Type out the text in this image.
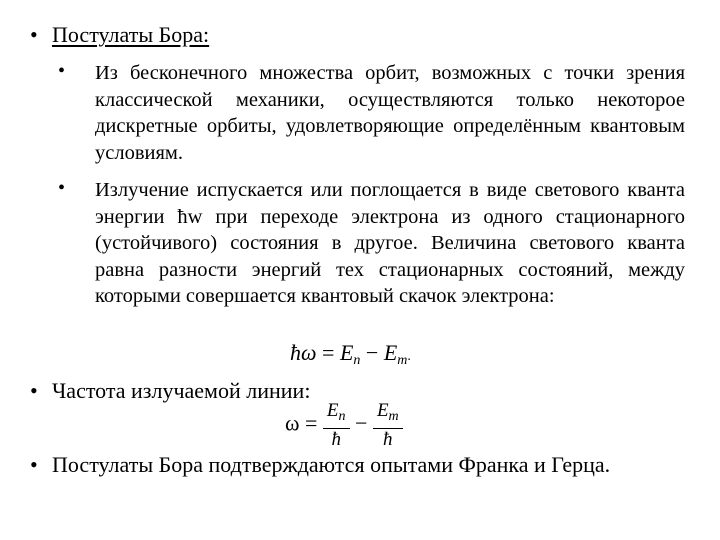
• Постулаты Бора:
• Из бесконечного множества орбит, возможных с точки зрения классической механики, осуществляются только некоторое дискретные орбиты, удовлетворяющие определённым квантовым условиям.
• Излучение испускается или поглощается в виде светового кванта энергии ħw при переходе электрона из одного стационарного (устойчивого) состояния в другое. Величина светового кванта равна разности энергий тех стационарных состояний, между которыми совершается квантовый скачок электрона:
ħω = $E_n - E_m$.
• Частота излучаемой линии:
$\omega = \frac{E_n}{ħ} - \frac{E_m}{ħ}$
• Постулаты Бора подтверждаются опытами Франка и Герца.
